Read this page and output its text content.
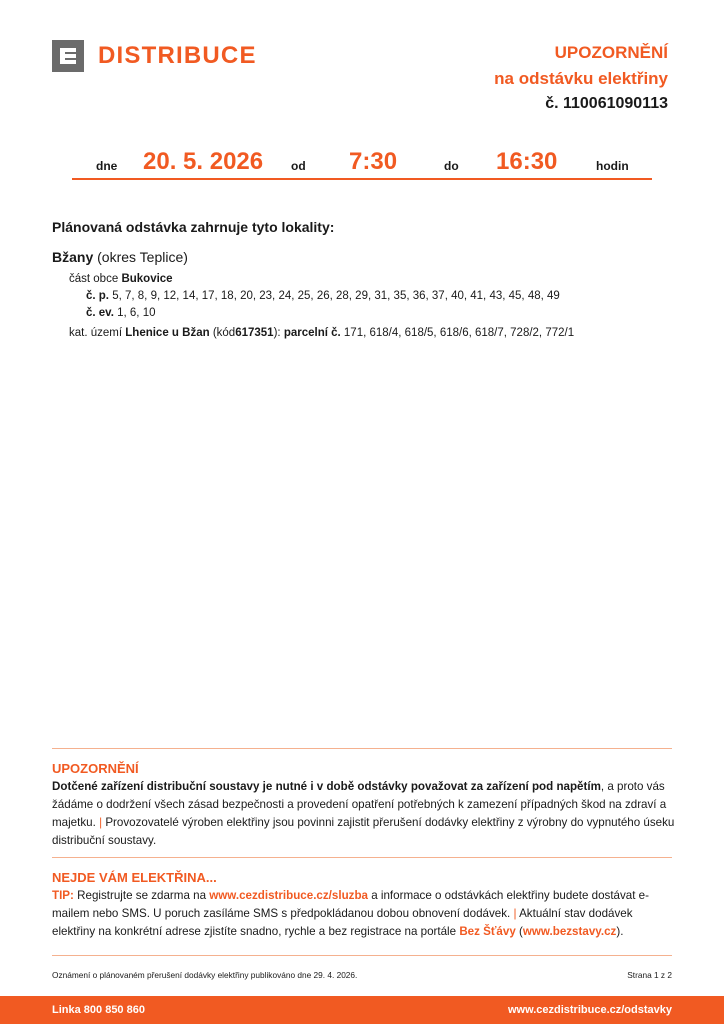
DISTRIBUCE	UPOZORNĚNÍ
na odstávku elektřiny
č. 110061090113
dne 20. 5. 2026 od 7:30	do 16:30	hodin
Plánovaná odstávka zahrnuje tyto lokality:
Bžany (okres Teplice)
část obce Bukovice
č. p. 5, 7, 8, 9, 12, 14, 17, 18, 20, 23, 24, 25, 26, 28, 29, 31, 35, 36, 37, 40, 41, 43, 45, 48, 49
č. ev. 1, 6, 10
kat. území Lhenice u Bžan (kód617351): parcelní č. 171, 618/4, 618/5, 618/6, 618/7, 728/2, 772/1
UPOZORNĚNÍ
Dotčené zařízení distribuční soustavy je nutné i v době odstávky považovat za zařízení pod napětím, a proto vás žádáme o dodržení všech zásad bezpečnosti a provedení opatření potřebných k zamezení případných škod na zdraví a majetku. | Provozovatelé výroben elektřiny jsou povinni zajistit přerušení dodávky elektřiny z výrobny do vypnutého úseku distribuční soustavy.
NEJDE VÁM ELEKTŘINA...
TIP: Registrujte se zdarma na www.cezdistribuce.cz/sluzba a informace o odstávkách elektřiny budete dostávat e-mailem nebo SMS. U poruch zasíláme SMS s předpokládanou dobou obnovení dodávek. | Aktuální stav dodávek elektřiny na konkrétní adrese zjistíte snadno, rychle a bez registrace na portále Bez Šťávy (www.bezstavy.cz).
Oznámení o plánovaném přerušení dodávky elektřiny publikováno dne 29. 4. 2026.	Strana 1 z 2
Linka 800 850 860	www.cezdistribuce.cz/odstavky
